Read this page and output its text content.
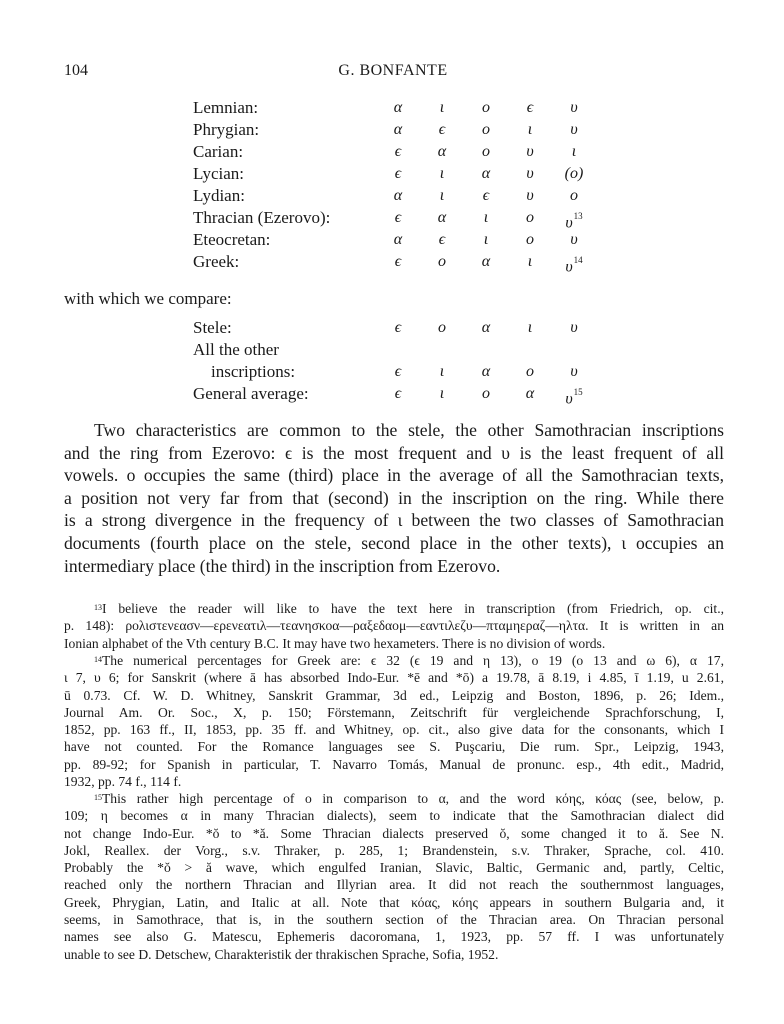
104	G. BONFANTE
Lemnian:	α	ι	ο	ϵ	υ
Phrygian:	α	ϵ	ο	ι	υ
Carian:	ϵ	α	ο	υ	ι
Lycian:	ϵ	ι	α	υ	(ο)
Lydian:	α	ι	ϵ	υ	ο
Thracian (Ezerovo):	ϵ	α	ι	ο	$\upsilon^{13}$
Eteocretan:	α	ϵ	ι	ο	υ
Greek:	ϵ	ο	α	ι	$\upsilon^{14}$
with which we compare:
Stele:	ϵ	ο	α	ι	υ
All the other
inscriptions:	ϵ	ι	α	ο	υ
General average:	ϵ	ι	ο	α	$\upsilon^{15}$

Two characteristics are common to the stele, the other Samothracian inscriptions
and the ring from Ezerovo: ϵ is the most frequent and υ is the least frequent of all
vowels. ο occupies the same (third) place in the average of all the Samothracian texts,
a position not very far from that (second) in the inscription on the ring. While there
is a strong divergence in the frequency of ι between the two classes of Samothracian
documents (fourth place on the stele, second place in the other texts), ι occupies an
intermediary place (the third) in the inscription from Ezerovo.

$^{13}$I believe the reader will like to have the text here in transcription (from Friedrich, op. cit.,
p. 148): ρολιστενεασν—ερενεατιλ—τεανησκοα—ραξεδαομ—εαντιλεζυ—πταμηεραζ—ηλτα. It is written in an
Ionian alphabet of the Vth century B.C. It may have two hexameters. There is no division of words.
$^{14}$The numerical percentages for Greek are: ϵ 32 (ϵ 19 and η 13), ο 19 (ο 13 and ω 6), α 17,
ι 7, υ 6; for Sanskrit (where ā has absorbed Indo-Eur. *ē and *ō) a 19.78, ā 8.19, i 4.85, ī 1.19, u 2.61,
ū 0.73. Cf. W. D. Whitney, Sanskrit Grammar, 3d ed., Leipzig and Boston, 1896, p. 26; Idem.,
Journal Am. Or. Soc., X, p. 150; Förstemann, Zeitschrift für vergleichende Sprachforschung, I,
1852, pp. 163 ff., II, 1853, pp. 35 ff. and Whitney, op. cit., also give data for the consonants, which I
have not counted. For the Romance languages see S. Puşcariu, Die rum. Spr., Leipzig, 1943,
pp. 89-92; for Spanish in particular, T. Navarro Tomás, Manual de pronunc. esp., 4th edit., Madrid,
1932, pp. 74 f., 114 f.
$^{15}$This rather high percentage of ο in comparison to α, and the word κόης, κόας (see, below, p.
109; η becomes α in many Thracian dialects), seem to indicate that the Samothracian dialect did
not change Indo-Eur. *ŏ to *ă. Some Thracian dialects preserved ŏ, some changed it to ă. See N.
Jokl, Reallex. der Vorg., s.v. Thraker, p. 285, 1; Brandenstein, s.v. Thraker, Sprache, col. 410.
Probably the *ŏ > ă wave, which engulfed Iranian, Slavic, Baltic, Germanic and, partly, Celtic,
reached only the northern Thracian and Illyrian area. It did not reach the southernmost languages,
Greek, Phrygian, Latin, and Italic at all. Note that κόας, κόης appears in southern Bulgaria and, it
seems, in Samothrace, that is, in the southern section of the Thracian area. On Thracian personal
names see also G. Matescu, Ephemeris dacoromana, 1, 1923, pp. 57 ff. I was unfortunately
unable to see D. Detschew, Charakteristik der thrakischen Sprache, Sofia, 1952.
